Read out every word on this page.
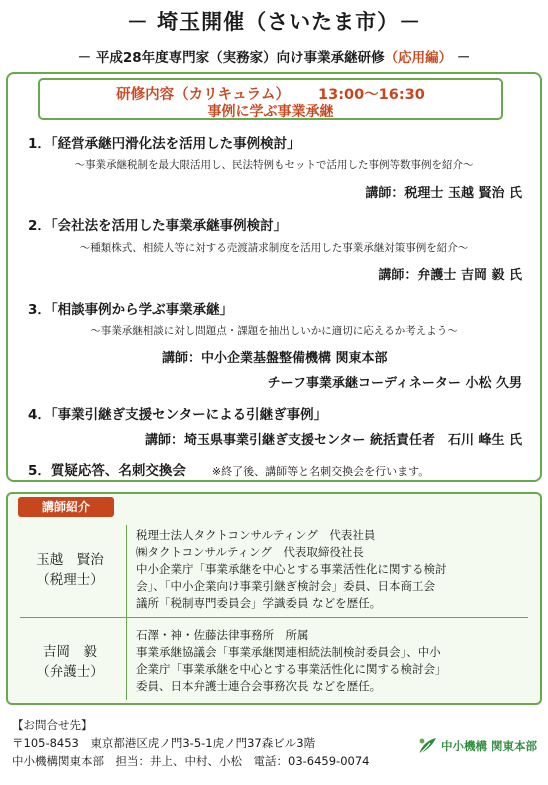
－ 埼玉開催（さいたま市）－
－ 平成28年度専門家（実務家）向け事業承継研修（応用編） －
研修内容（カリキュラム） 13:00～16:30
事例に学ぶ事業承継
1．「経営承継円滑化法を活用した事例検討」
～事業承継税制を最大限活用し、民法特例もセットで活用した事例等数事例を紹介～
講師：税理士 玉越 賢治 氏
2．「会社法を活用した事業承継事例検討」
～種類株式、相続人等に対する売渡請求制度を活用した事業承継対策事例を紹介～
講師：弁護士 吉岡 毅 氏
3．「相談事例から学ぶ事業承継」
～事業承継相談に対し問題点・課題を抽出しいかに適切に応えるか考えよう～
講師：中小企業基盤整備機構 関東本部
チーフ事業承継コーディネーター 小松 久男
4．「事業引継ぎ支援センターによる引継ぎ事例」
講師：埼玉県事業引継ぎ支援センター 統括責任者　石川 峰生 氏
5．質疑応答、名刺交換会 ※終了後、講師等と名刺交換会を行います。
講師紹介
玉越　賢治
（税理士）
税理士法人タクトコンサルティング　代表社員
㈱タクトコンサルティング　代表取締役社長
中小企業庁「事業承継を中心とする事業活性化に関する検討
会」、「中小企業向け事業引継ぎ検討会」委員、日本商工会
議所「税制専門委員会」学識委員 などを歴任。
吉岡　毅
（弁護士）
石澤・神・佐藤法律事務所　所属
事業承継協議会「事業承継関連相続法制検討委員会」、中小
企業庁「事業承継を中心とする事業活性化に関する検討会」
委員、日本弁護士連合会事務次長 などを歴任。
【お問合せ先】
〒105-8453　東京都港区虎ノ門3-5-1虎ノ門37森ビル3階
中小機構関東本部　担当：井上、中村、小松　電話：03-6459-0074
中小機構 関東本部
